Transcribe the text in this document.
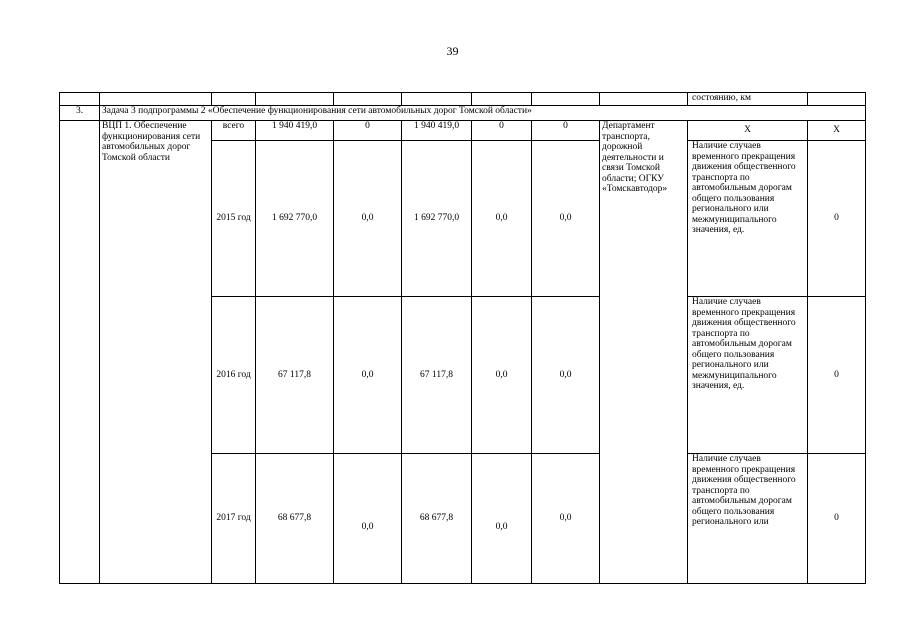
39
									состоянию, км	
3.	Задача 3 подпрограммы 2 «Обеспечение функционирования сети автомобильных дорог Томской области»									
	ВЦП 1. Обеспечение функционирования сети автомобильных дорог Томской области	всего	1 940 419,0	0	1 940 419,0	0	0	Департамент транспорта, дорожной деятельности и связи Томской области; ОГКУ «Томскавтодор»	Х	Х
		2015 год	1 692 770,0	0,0	1 692 770,0	0,0	0,0		Наличие случаев временного прекращения движения общественного транспорта по автомобильным дорогам общего пользования регионального или межмуниципального значения, ед.	0
		2016 год	67 117,8	0,0	67 117,8	0,0	0,0		Наличие случаев временного прекращения движения общественного транспорта по автомобильным дорогам общего пользования регионального или межмуниципального значения, ед.	0
		2017 год	68 677,8	0,0	68 677,8	0,0	0,0		Наличие случаев временного прекращения движения общественного транспорта по автомобильным дорогам общего пользования регионального или	0
